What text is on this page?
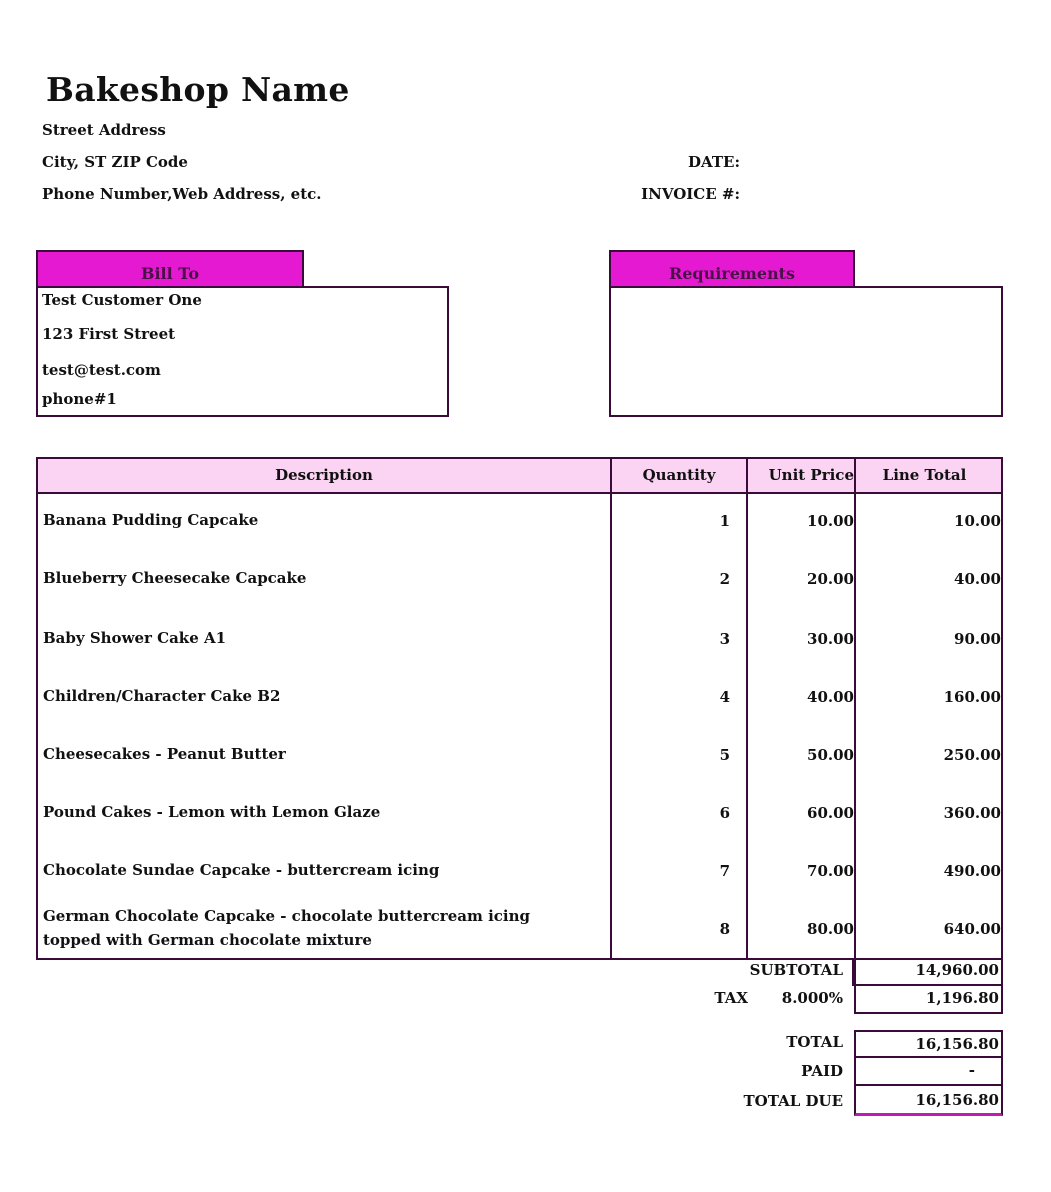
Bakeshop Name
Street Address
City, ST ZIP Code
Phone Number,Web Address, etc.
DATE:
INVOICE #:
Bill To
Test Customer One
123 First Street
test@test.com
phone#1
Requirements
Description	Quantity	Unit Price	Line Total
Banana Pudding Capcake	1	10.00	10.00
Blueberry Cheesecake Capcake	2	20.00	40.00
Baby Shower Cake A1	3	30.00	90.00
Children/Character Cake B2	4	40.00	160.00
Cheesecakes - Peanut Butter	5	50.00	250.00
Pound Cakes - Lemon with Lemon Glaze	6	60.00	360.00
Chocolate Sundae Capcake - buttercream icing	7	70.00	490.00
German Chocolate Capcake - chocolate buttercream icing
topped with German chocolate mixture
8	80.00	640.00
SUBTOTAL	14,960.00
TAX	8.000%	1,196.80
TOTAL	16,156.80
PAID	-
TOTAL DUE	16,156.80
